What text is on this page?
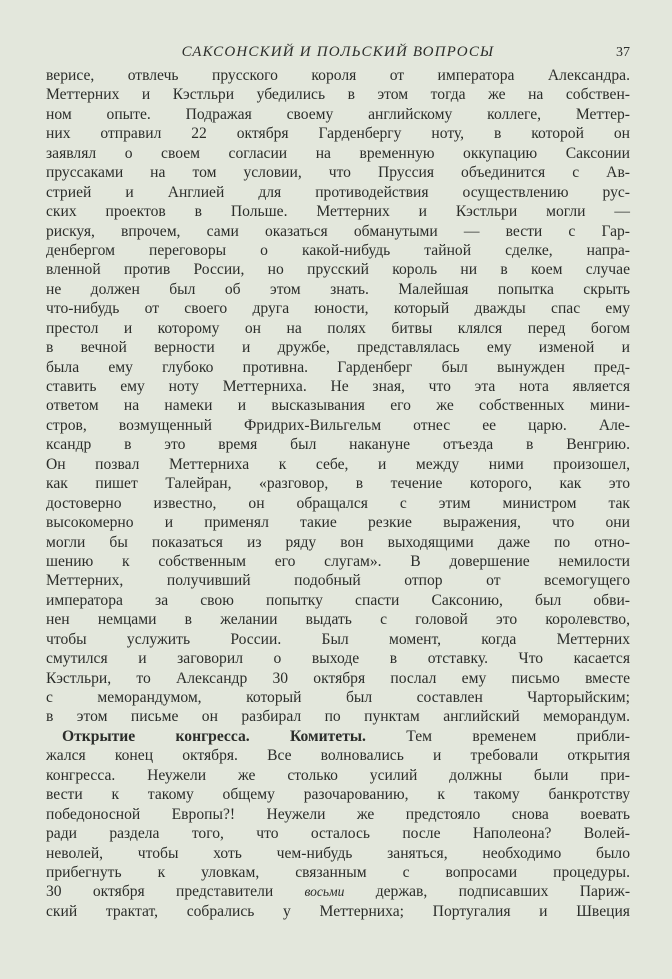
САКСОНСКИЙ И ПОЛЬСКИЙ ВОПРОСЫ	37
верисе, отвлечь прусского короля от императора Александра.
Меттерних и Кэстльри убедились в этом тогда же на собствен-
ном опыте. Подражая своему английскому коллеге, Меттер-
них отправил 22 октября Гарденбергу ноту, в которой он
заявлял о своем согласии на временную оккупацию Саксонии
пруссаками на том условии, что Пруссия объединится с Ав-
стрией и Англией для противодействия осуществлению рус-
ских проектов в Польше. Меттерних и Кэстльри могли —
рискуя, впрочем, сами оказаться обманутыми — вести с Гар-
денбергом переговоры о какой-нибудь тайной сделке, напра-
вленной против России, но прусский король ни в коем случае
не должен был об этом знать. Малейшая попытка скрыть
что-нибудь от своего друга юности, который дважды спас ему
престол и которому он на полях битвы клялся перед богом
в вечной верности и дружбе, представлялась ему изменой и
была ему глубоко противна. Гарденберг был вынужден пред-
ставить ему ноту Меттерниха. Не зная, что эта нота является
ответом на намеки и высказывания его же собственных мини-
стров, возмущенный Фридрих-Вильгельм отнес ее царю. Але-
ксандр в это время был накануне отъезда в Венгрию.
Он позвал Меттерниха к себе, и между ними произошел,
как пишет Талейран, «разговор, в течение которого, как это
достоверно известно, он обращался с этим министром так
высокомерно и применял такие резкие выражения, что они
могли бы показаться из ряду вон выходящими даже по отно-
шению к собственным его слугам». В довершение немилости
Меттерних, получивший подобный отпор от всемогущего
императора за свою попытку спасти Саксонию, был обви-
нен немцами в желании выдать с головой это королевство,
чтобы услужить России. Был момент, когда Меттерних
смутился и заговорил о выходе в отставку. Что касается
Кэстльри, то Александр 30 октября послал ему письмо вместе
с меморандумом, который был составлен Чарторыйским;
в этом письме он разбирал по пунктам английский меморандум.
Открытие конгресса. Комитеты.	Тем временем прибли-
жался конец октября. Все волновались и требовали открытия
конгресса. Неужели же столько усилий должны были при-
вести к такому общему разочарованию, к такому банкротству
победоносной Европы?! Неужели же предстояло снова воевать
ради раздела того, что осталось после Наполеона? Волей-
неволей, чтобы хоть чем-нибудь заняться, необходимо было
прибегнуть к уловкам, связанным с вопросами процедуры.
30 октября представители восьми держав, подписавших Париж-
ский трактат, собрались у Меттерниха; Португалия и Швеция
